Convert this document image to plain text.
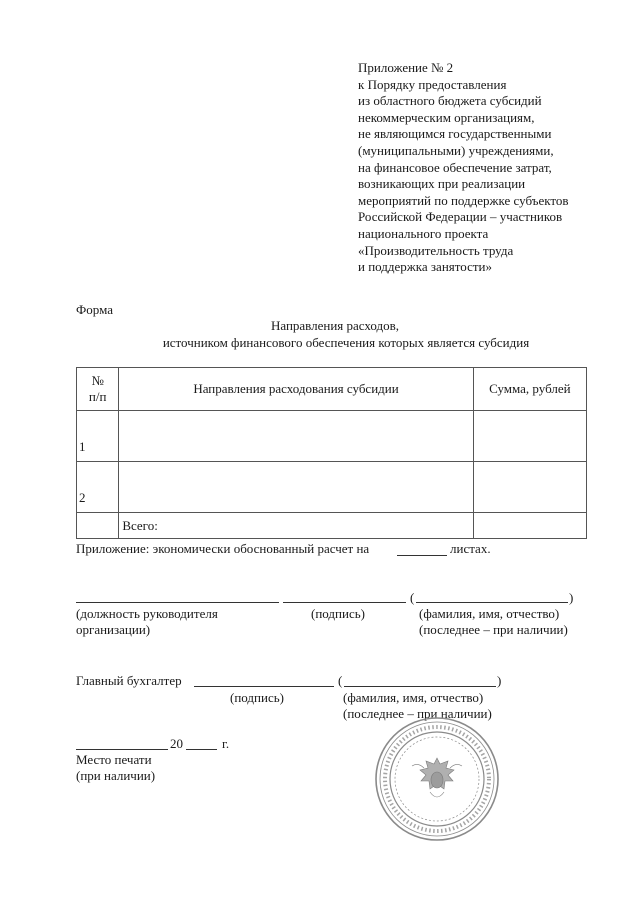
Приложение № 2
к Порядку предоставления
из областного бюджета субсидий
некоммерческим организациям,
не являющимся государственными
(муниципальными) учреждениями,
на финансовое обеспечение затрат,
возникающих при реализации
мероприятий по поддержке субъектов
Российской Федерации – участников
национального проекта
«Производительность труда
и поддержка занятости»
Форма
Направления расходов,
источником финансового обеспечения которых является субсидия
№
п/п	Направления расходования субсидии	Сумма, рублей
1		
2		
	Всего:	
Приложение: экономически обоснованный расчет на	листах.
(	)
(должность руководителя
организации)
(подпись)	(фамилия, имя, отчество)
(последнее – при наличии)
Главный бухгалтер	(	)
(подпись)	(фамилия, имя, отчество)
(последнее – при наличии)
20	г.
Место печати
(при наличии)
